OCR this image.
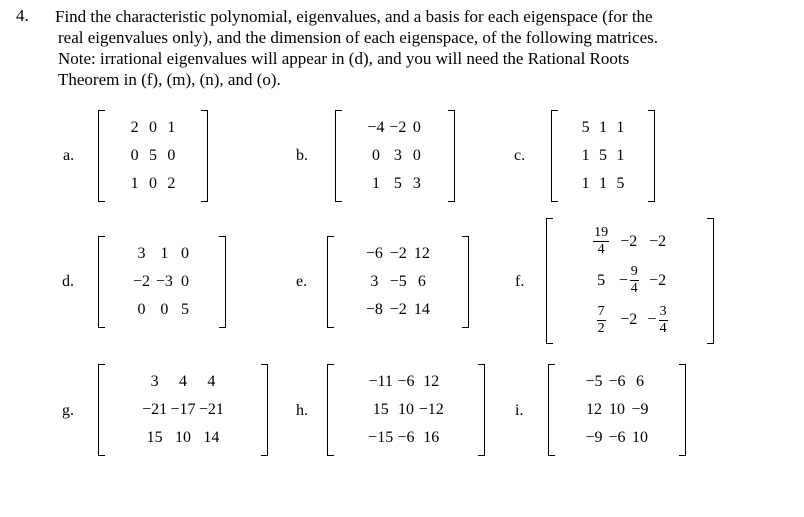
4. Find the characteristic polynomial, eigenvalues, and a basis for each eigenspace (for the
real eigenvalues only), and the dimension of each eigenspace, of the following matrices.
Note: irrational eigenvalues will appear in (d), and you will need the Rational Roots
Theorem in (f), (m), (n), and (o).
a.
2	0	1
0	5	0
1	0	2
b.
−4	−2	0
0	3	0
1	5	3
c.
5	1	1
1	5	1
1	1	5
d.
3	1	0
−2	−3	0
0	0	5
e.
−6	−2	12
3	−5	6
−8	−2	14
f.
$\frac{19}{4}$	−2	−2
5	− $\frac{9}{4}$	−2

$\frac{7}{2}$	−2	− $\frac{3}{4}$
g.
3	4	4
−21	−17	−21
15	10	14
h.
−11	−6	12
15	10	−12
−15	−6	16
i.
−5	−6	6
12	10	−9
−9	−6	10
